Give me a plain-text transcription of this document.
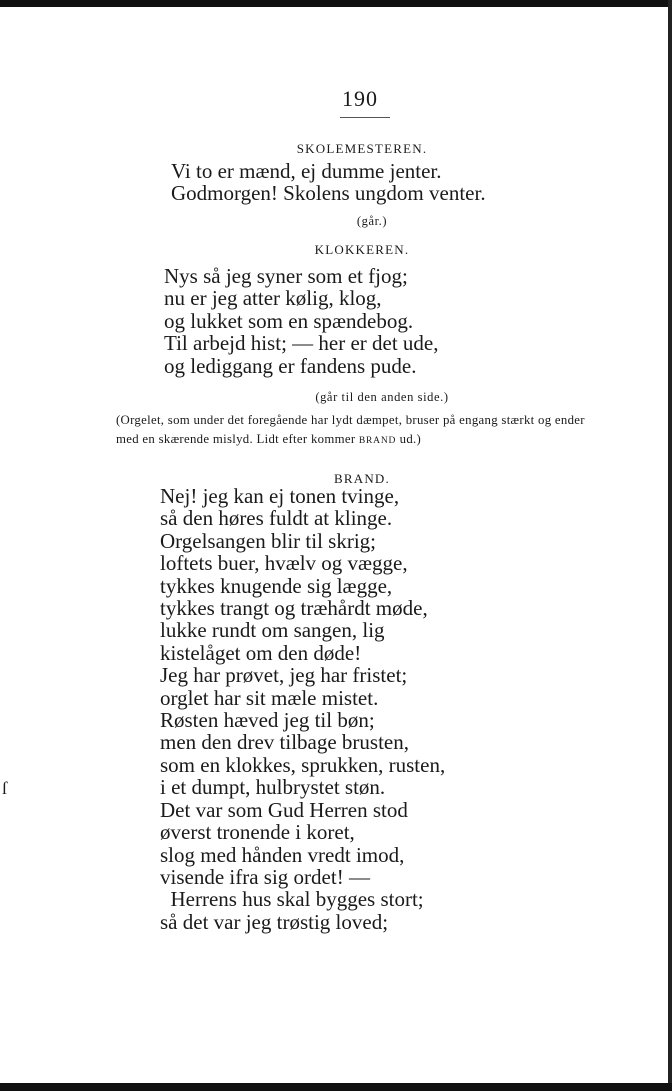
ſ
190
SKOLEMESTEREN.
Vi to er mænd, ej dumme jenter.
Godmorgen! Skolens ungdom venter.
(går.)
KLOKKEREN.
Nys så jeg syner som et fjog;
nu er jeg atter kølig, klog,
og lukket som en spændebog.
Til arbejd hist; — her er det ude,
og lediggang er fandens pude.
(går til den anden side.)
(Orgelet, som under det foregående har lydt dæmpet, bruser på engang stærkt og ender med en skærende mislyd. Lidt efter kommer BRAND ud.)
BRAND.
Nej! jeg kan ej tonen tvinge,
så den høres fuldt at klinge.
Orgelsangen blir til skrig;
loftets buer, hvælv og vægge,
tykkes knugende sig lægge,
tykkes trangt og træhårdt møde,
lukke rundt om sangen, lig
kistelåget om den døde!
Jeg har prøvet, jeg har fristet;
orglet har sit mæle mistet.
Røsten hæved jeg til bøn;
men den drev tilbage brusten,
som en klokkes, sprukken, rusten,
i et dumpt, hulbrystet støn.
Det var som Gud Herren stod
øverst tronende i koret,
slog med hånden vredt imod,
visende ifra sig ordet! —
Herrens hus skal bygges stort;
så det var jeg trøstig loved;
